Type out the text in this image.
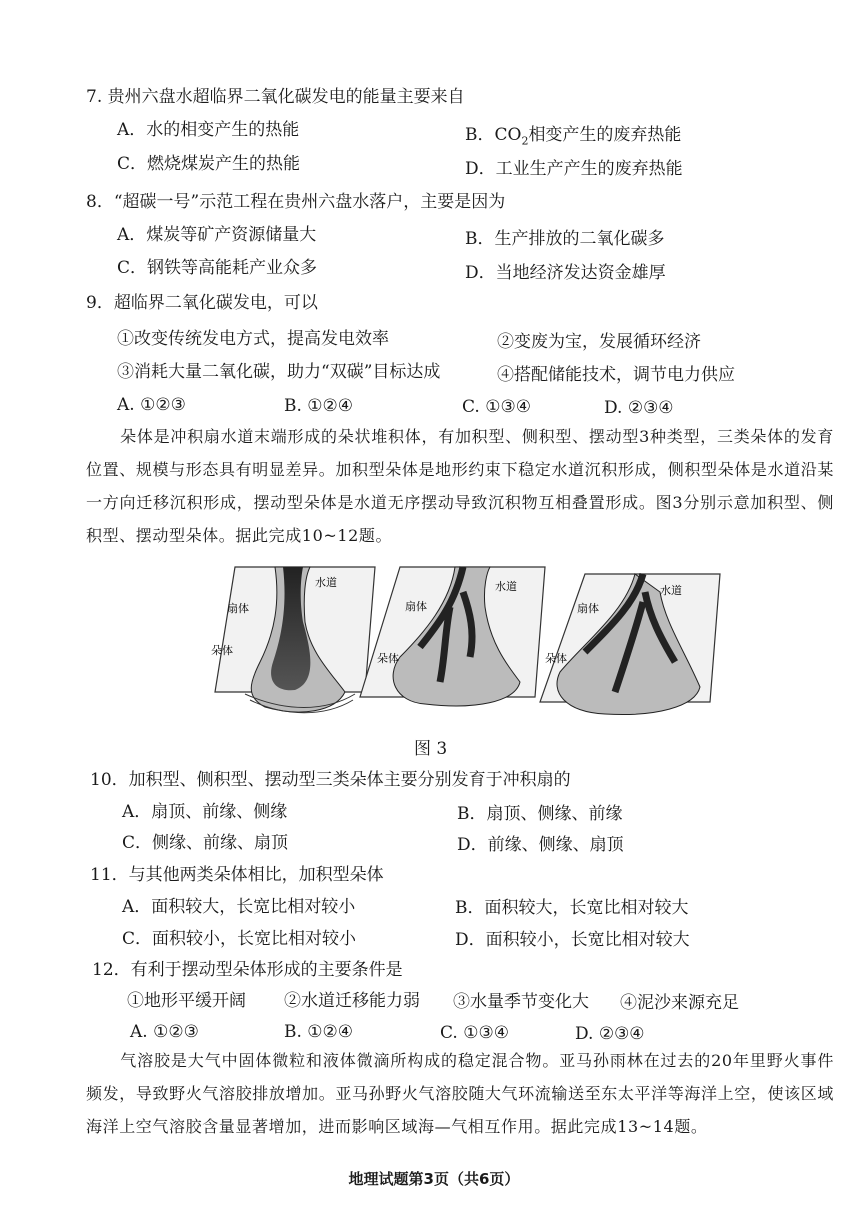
7. 贵州六盘水超临界二氧化碳发电的能量主要来自
A．水的相变产生的热能	B．$CO_2$相变产生的废弃热能
C．燃烧煤炭产生的热能	D．工业生产产生的废弃热能
8．“超碳一号”示范工程在贵州六盘水落户，主要是因为
A．煤炭等矿产资源储量大	B．生产排放的二氧化碳多
C．钢铁等高能耗产业众多	D．当地经济发达资金雄厚
9．超临界二氧化碳发电，可以
①改变传统发电方式，提高发电效率	②变废为宝，发展循环经济
③消耗大量二氧化碳，助力“双碳”目标达成	④搭配储能技术，调节电力供应
A. ①②③	B. ①②④	C. ①③④	D. ②③④
朵体是冲积扇水道末端形成的朵状堆积体，有加积型、侧积型、摆动型3种类型，三类朵体的发育位置、规模与形态具有明显差异。加积型朵体是地形约束下稳定水道沉积形成，侧积型朵体是水道沿某一方向迁移沉积形成，摆动型朵体是水道无序摆动导致沉积物互相叠置形成。图3分别示意加积型、侧积型、摆动型朵体。据此完成10~12题。
水道
扇体
朵体
水道
扇体
朵体
水道
扇体
朵体
图 3
10．加积型、侧积型、摆动型三类朵体主要分别发育于冲积扇的
A．扇顶、前缘、侧缘	B．扇顶、侧缘、前缘
C．侧缘、前缘、扇顶	D．前缘、侧缘、扇顶
11．与其他两类朵体相比，加积型朵体
A．面积较大，长宽比相对较小	B．面积较大，长宽比相对较大
C．面积较小，长宽比相对较小	D．面积较小，长宽比相对较大
12．有利于摆动型朵体形成的主要条件是
①地形平缓开阔 ②水道迁移能力弱 ③水量季节变化大 ④泥沙来源充足
A. ①②③	B. ①②④	C. ①③④	D. ②③④
气溶胶是大气中固体微粒和液体微滴所构成的稳定混合物。亚马孙雨林在过去的20年里野火事件频发，导致野火气溶胶排放增加。亚马孙野火气溶胶随大气环流输送至东太平洋等海洋上空，使该区域海洋上空气溶胶含量显著增加，进而影响区域海—气相互作用。据此完成13~14题。
地理试题第3页（共6页）
